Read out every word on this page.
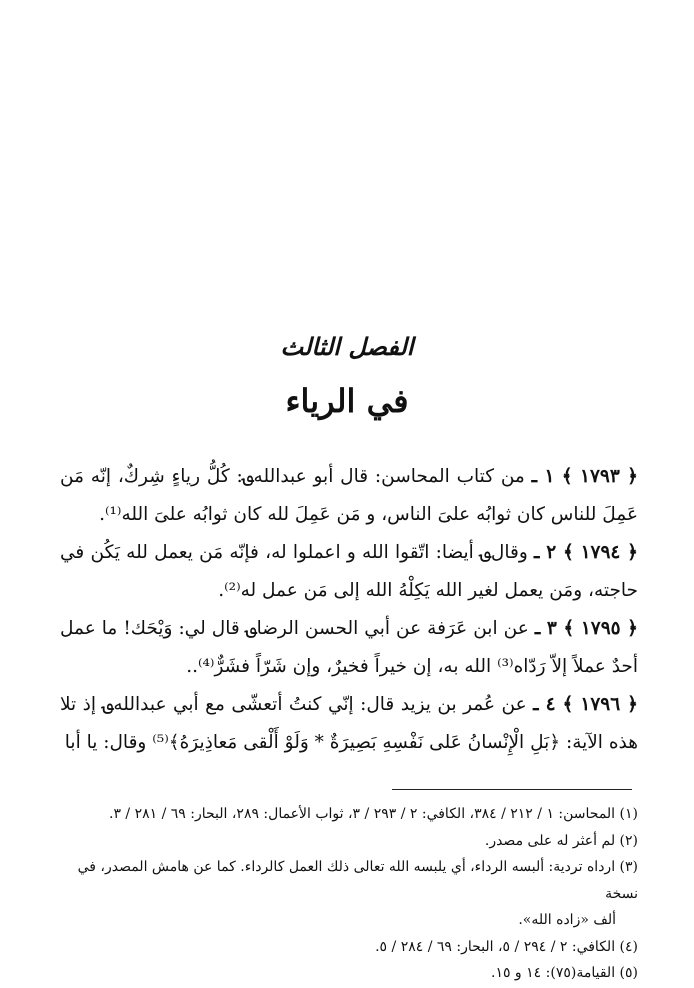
الفصل الثالث
في الرياء

﴿ ١٧٩٣ ﴾ ١ ـ من كتاب المحاسن: قال أبو عبدالله‌؈: كُلُّ رياءٍ شِركٌ، إنّه مَن عَمِلَ للناس كان ثوابُه علىَ الناس، و مَن عَمِلَ لله كان ثوابُه علىَ الله⁽¹⁾.

﴿ ١٧٩٤ ﴾ ٢ ـ وقال؈ أيضا: اتّقوا الله و اعملوا له، فإنّه مَن يعمل لله يَكُن في حاجته، ومَن يعمل لغير الله يَكِلْهُ الله إلى مَن عمل له⁽²⁾.

﴿ ١٧٩٥ ﴾ ٣ ـ عن ابن عَرَفة عن أبي الحسن الرضا؈ قال لي: وَيْحَك! ما عمل أحدٌ عملاً إلاّ رَدّاه⁽³⁾ الله به، إن خيراً فخيرٌ، وإن شَرّاً فشَرٌّ⁽⁴⁾..

﴿ ١٧٩٦ ﴾ ٤ ـ عن عُمر بن يزيد قال: إنّي كنتُ أتعشّى مع أبي عبدالله؈ إذ تلا هذه الآية: ﴿بَلِ الْإِنْسانُ عَلى نَفْسِهِ بَصِيرَةٌ * وَلَوْ أَلْقى مَعاذِيرَهُ﴾⁽⁵⁾ وقال: يا أبا

(١) المحاسن: ١ / ٢١٢ / ٣٨٤، الكافي: ٢ / ٢٩٣ / ٣، ثواب الأعمال: ٢٨٩، البحار: ٦٩ / ٢٨١ / ٣.

(٢) لم أعثر له على مصدر.

(٣) ارداه تردية: ألبسه الرداء، أي يلبسه الله تعالى ذلك العمل كالرداء. كما عن هامش المصدر، في نسخة
ألف «زاده الله».

(٤) الكافي: ٢ / ٢٩٤ / ٥، البحار: ٦٩ / ٢٨٤ / ٥.

(٥) القيامة(٧٥): ١٤ و ١٥.
